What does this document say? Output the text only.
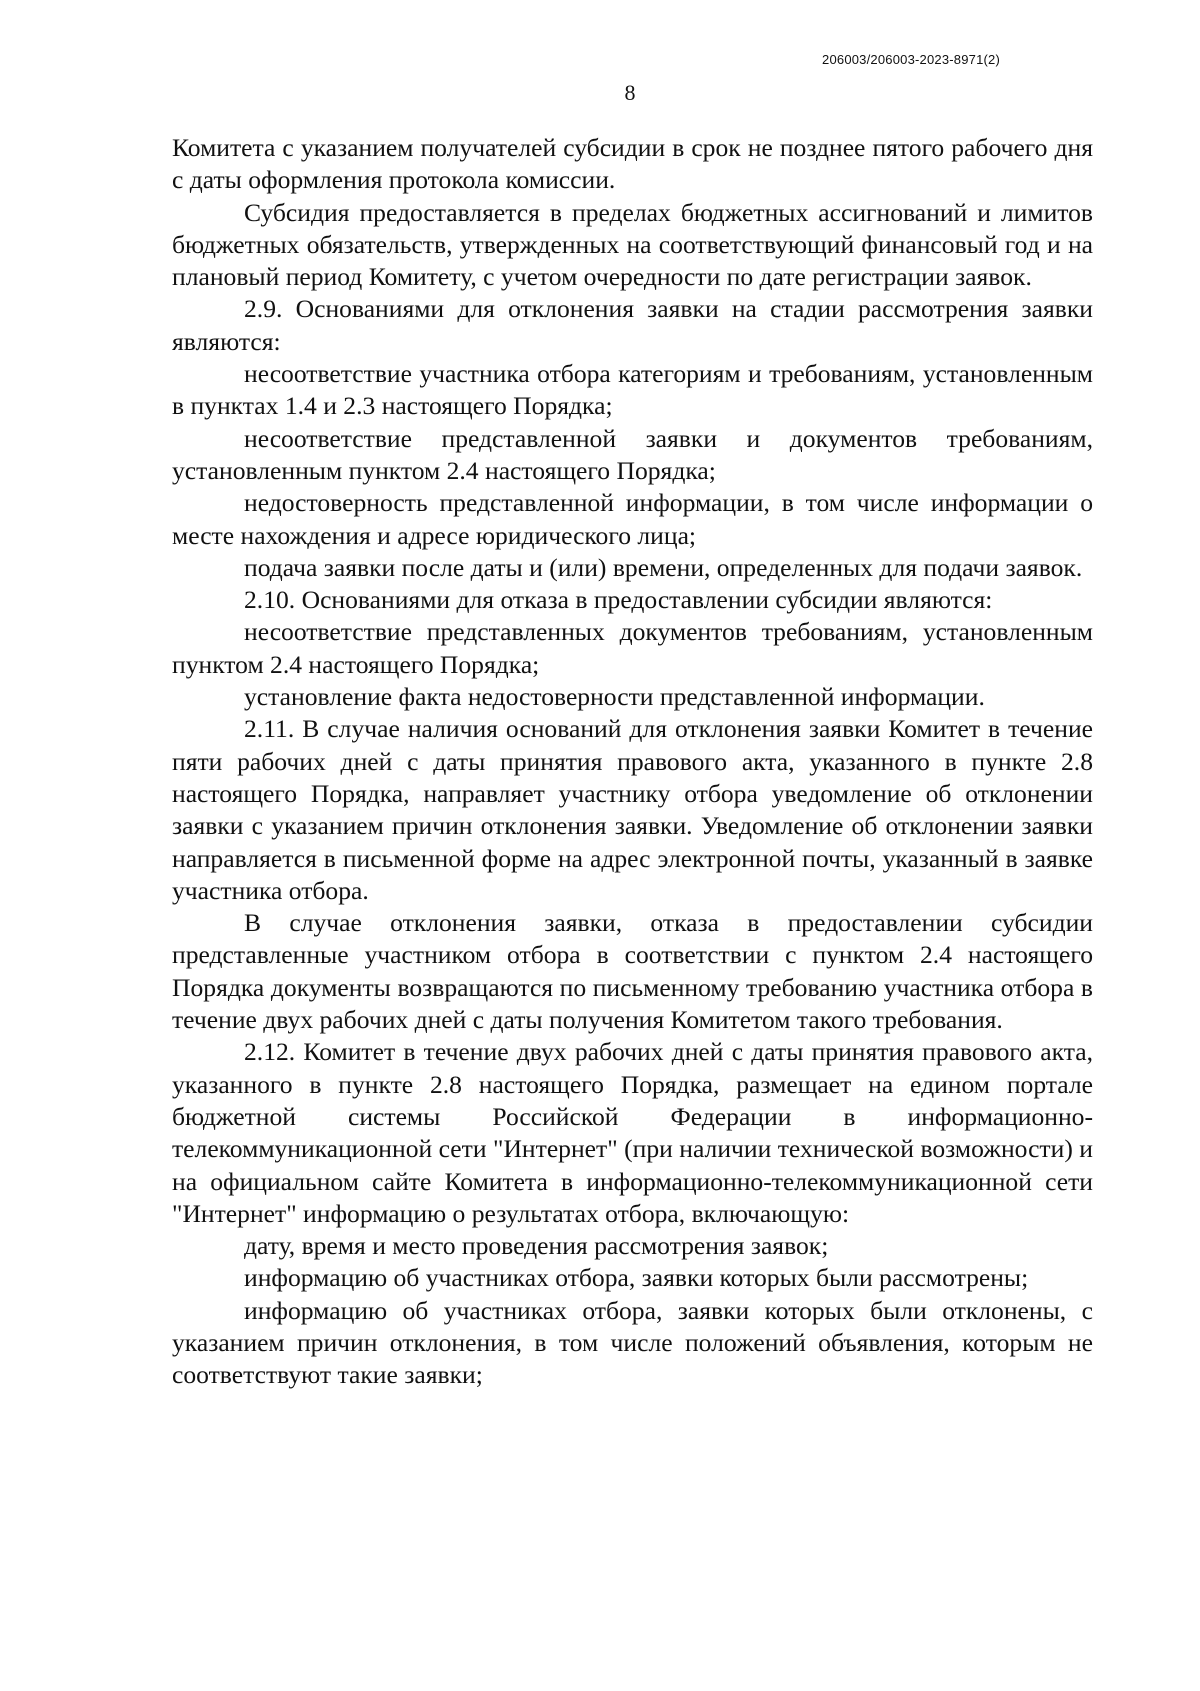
206003/206003-2023-8971(2)
8

Комитета с указанием получателей субсидии в срок не позднее пятого рабочего дня с даты оформления протокола комиссии.

Субсидия предоставляется в пределах бюджетных ассигнований и лимитов бюджетных обязательств, утвержденных на соответствующий финансовый год и на плановый период Комитету, с учетом очередности по дате регистрации заявок.

2.9. Основаниями для отклонения заявки на стадии рассмотрения заявки являются:

несоответствие участника отбора категориям и требованиям, установленным в пунктах 1.4 и 2.3 настоящего Порядка;

несоответствие представленной заявки и документов требованиям, установленным пунктом 2.4 настоящего Порядка;

недостоверность представленной информации, в том числе информации о месте нахождения и адресе юридического лица;

подача заявки после даты и (или) времени, определенных для подачи заявок.

2.10. Основаниями для отказа в предоставлении субсидии являются:

несоответствие представленных документов требованиям, установленным пунктом 2.4 настоящего Порядка;

установление факта недостоверности представленной информации.

2.11. В случае наличия оснований для отклонения заявки Комитет в течение пяти рабочих дней с даты принятия правового акта, указанного в пункте 2.8 настоящего Порядка, направляет участнику отбора уведомление об отклонении заявки с указанием причин отклонения заявки. Уведомление об отклонении заявки направляется в письменной форме на адрес электронной почты, указанный в заявке участника отбора.

В случае отклонения заявки, отказа в предоставлении субсидии представленные участником отбора в соответствии с пунктом 2.4 настоящего Порядка документы возвращаются по письменному требованию участника отбора в течение двух рабочих дней с даты получения Комитетом такого требования.

2.12. Комитет в течение двух рабочих дней с даты принятия правового акта, указанного в пункте 2.8 настоящего Порядка, размещает на едином портале бюджетной системы Российской Федерации в информационно-телекоммуникационной сети "Интернет" (при наличии технической возможности) и на официальном сайте Комитета в информационно-телекоммуникационной сети "Интернет" информацию о результатах отбора, включающую:

дату, время и место проведения рассмотрения заявок;

информацию об участниках отбора, заявки которых были рассмотрены;

информацию об участниках отбора, заявки которых были отклонены, с указанием причин отклонения, в том числе положений объявления, которым не соответствуют такие заявки;
